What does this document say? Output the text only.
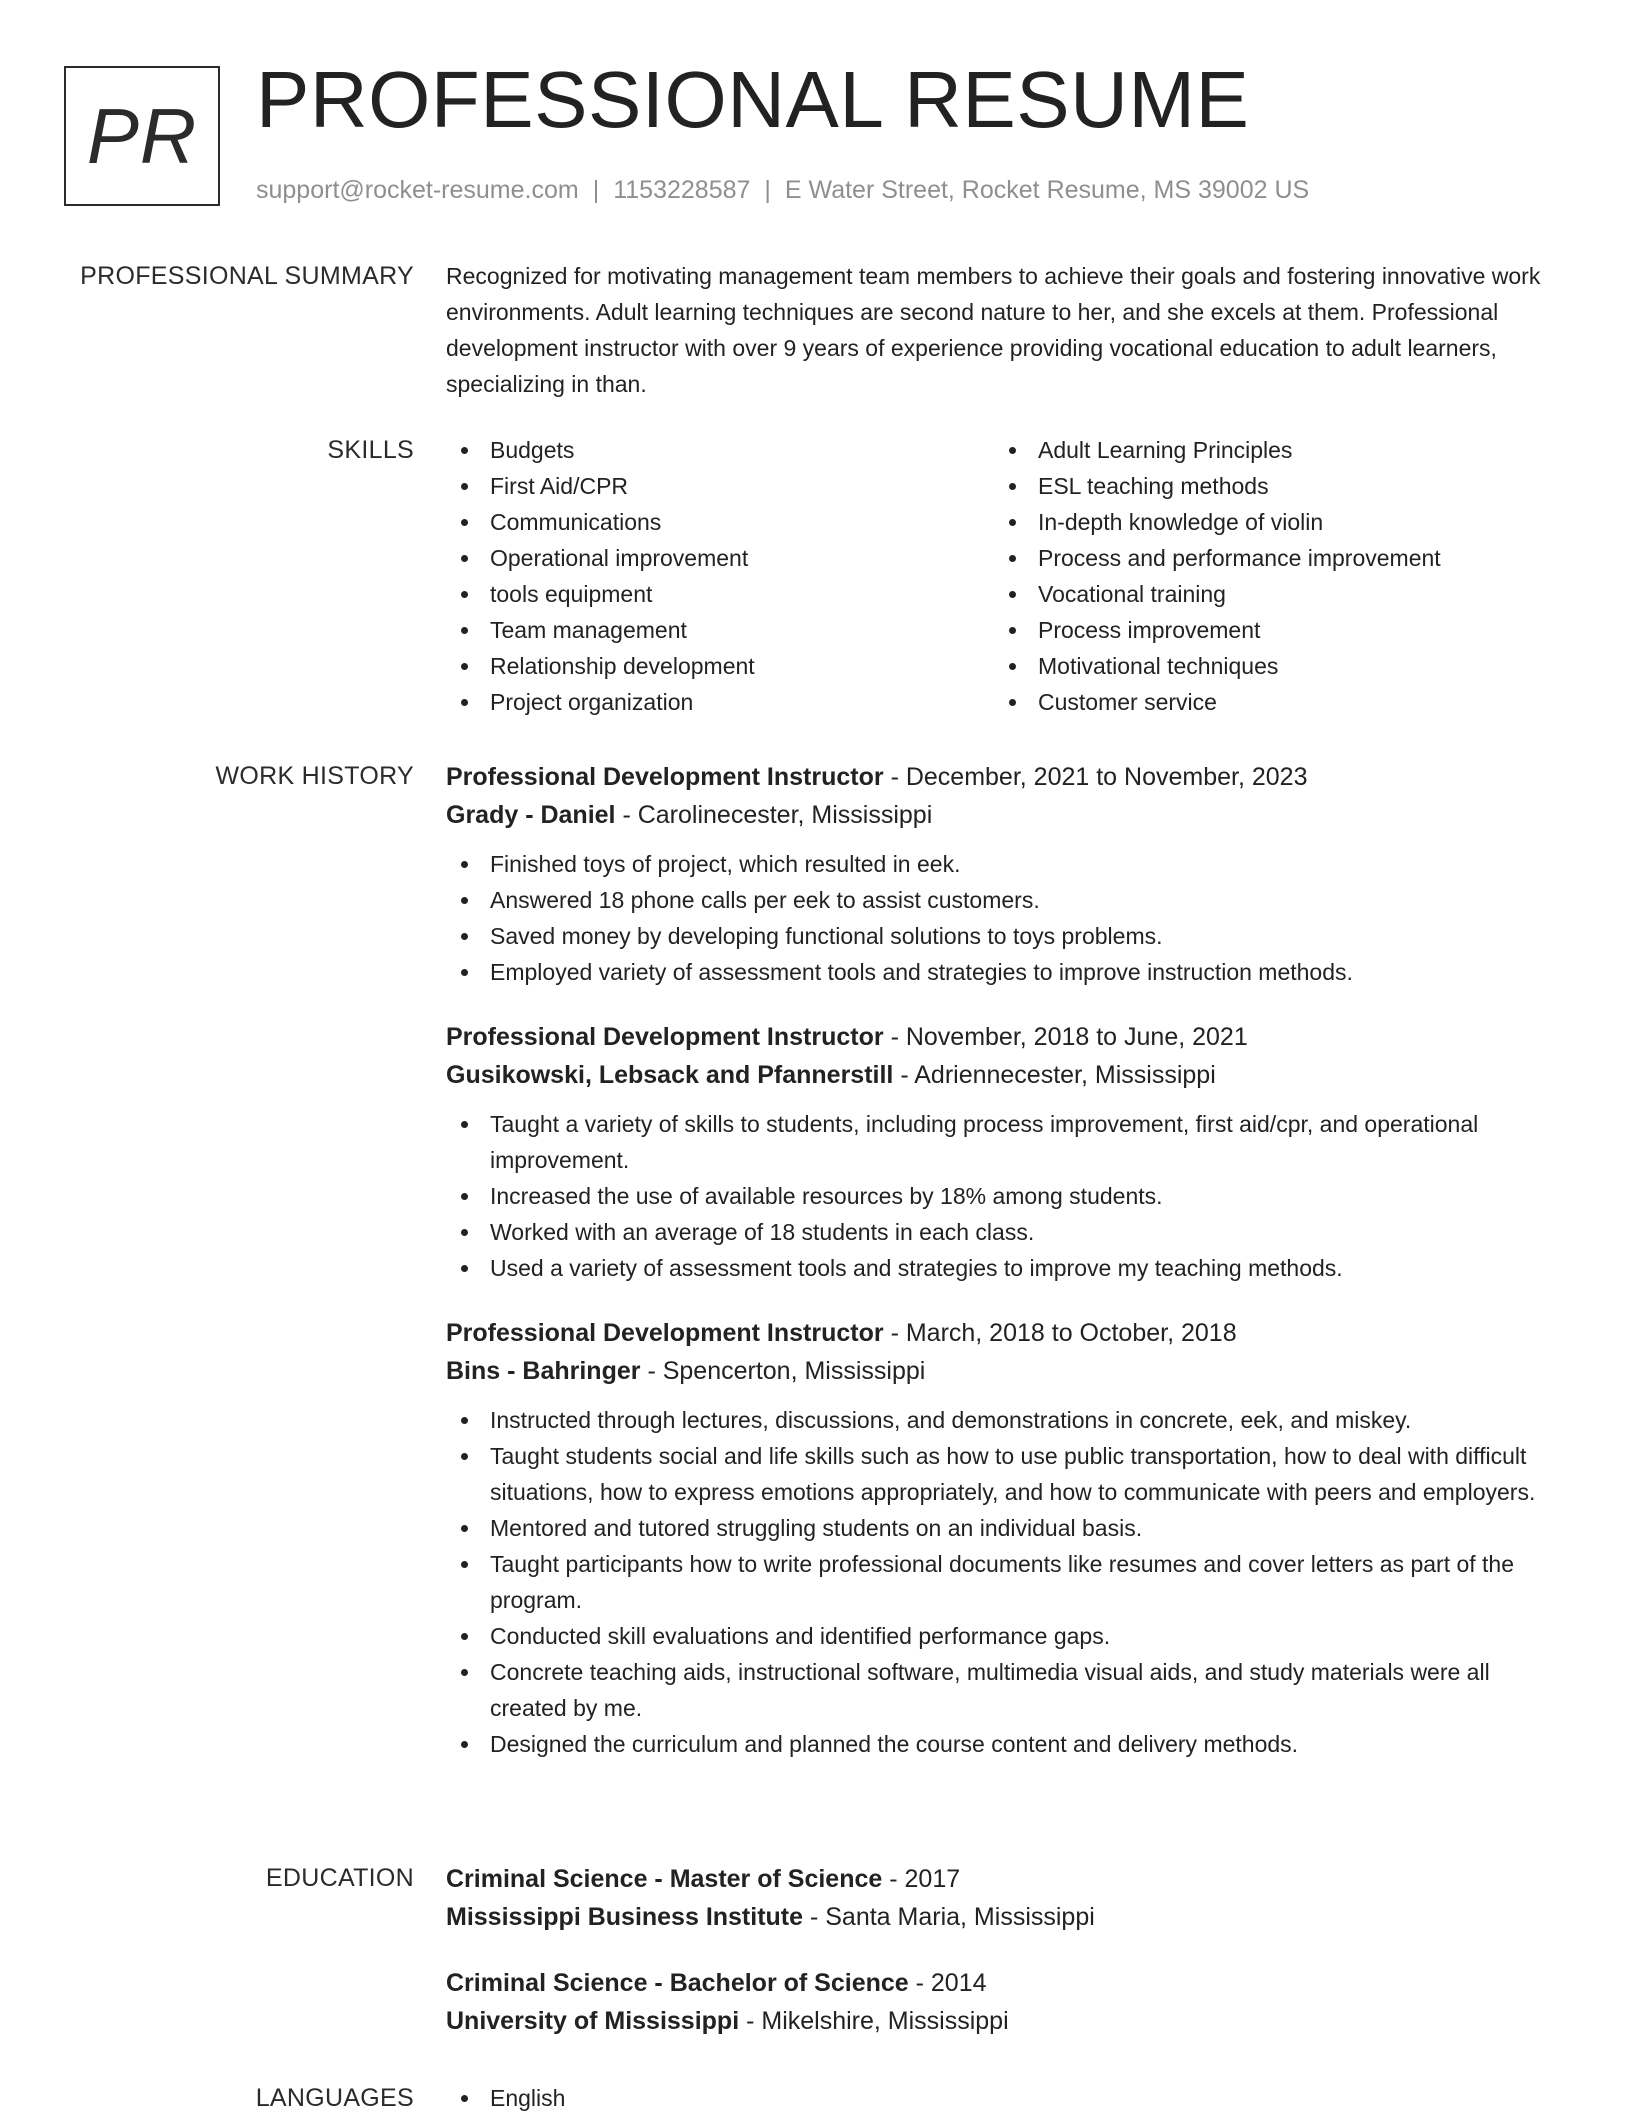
PR PROFESSIONAL RESUME
support@rocket-resume.com | 1153228587 | E Water Street, Rocket Resume, MS 39002 US
PROFESSIONAL SUMMARY Recognized for motivating management team members to achieve their goals and fostering innovative work environments. Adult learning techniques are second nature to her, and she excels at them. Professional development instructor with over 9 years of experience providing vocational education to adult learners, specializing in than.

SKILLS	Budgets
First Aid/CPR
Communications
Operational improvement
tools equipment
Team management
Relationship development
Project organization
Adult Learning Principles
ESL teaching methods
In-depth knowledge of violin
Process and performance improvement
Vocational training
Process improvement
Motivational techniques
Customer service
WORK HISTORY Professional Development Instructor - December, 2021 to November, 2023
Grady - Daniel - Carolinecester, Mississippi
Finished toys of project, which resulted in eek.
Answered 18 phone calls per eek to assist customers.
Saved money by developing functional solutions to toys problems.
Employed variety of assessment tools and strategies to improve instruction methods.
Professional Development Instructor - November, 2018 to June, 2021
Gusikowski, Lebsack and Pfannerstill - Adriennecester, Mississippi
Taught a variety of skills to students, including process improvement, first aid/cpr, and operational improvement.
Increased the use of available resources by 18% among students.
Worked with an average of 18 students in each class.
Used a variety of assessment tools and strategies to improve my teaching methods.
Professional Development Instructor - March, 2018 to October, 2018
Bins - Bahringer - Spencerton, Mississippi
Instructed through lectures, discussions, and demonstrations in concrete, eek, and miskey.
Taught students social and life skills such as how to use public transportation, how to deal with difficult situations, how to express emotions appropriately, and how to communicate with peers and employers.
Mentored and tutored struggling students on an individual basis.
Taught participants how to write professional documents like resumes and cover letters as part of the program.
Conducted skill evaluations and identified performance gaps.
Concrete teaching aids, instructional software, multimedia visual aids, and study materials were all created by me.
Designed the curriculum and planned the course content and delivery methods.
EDUCATION Criminal Science - Master of Science - 2017
Mississippi Business Institute - Santa Maria, Mississippi
Criminal Science - Bachelor of Science - 2014
University of Mississippi - Mikelshire, Mississippi
LANGUAGES	English
